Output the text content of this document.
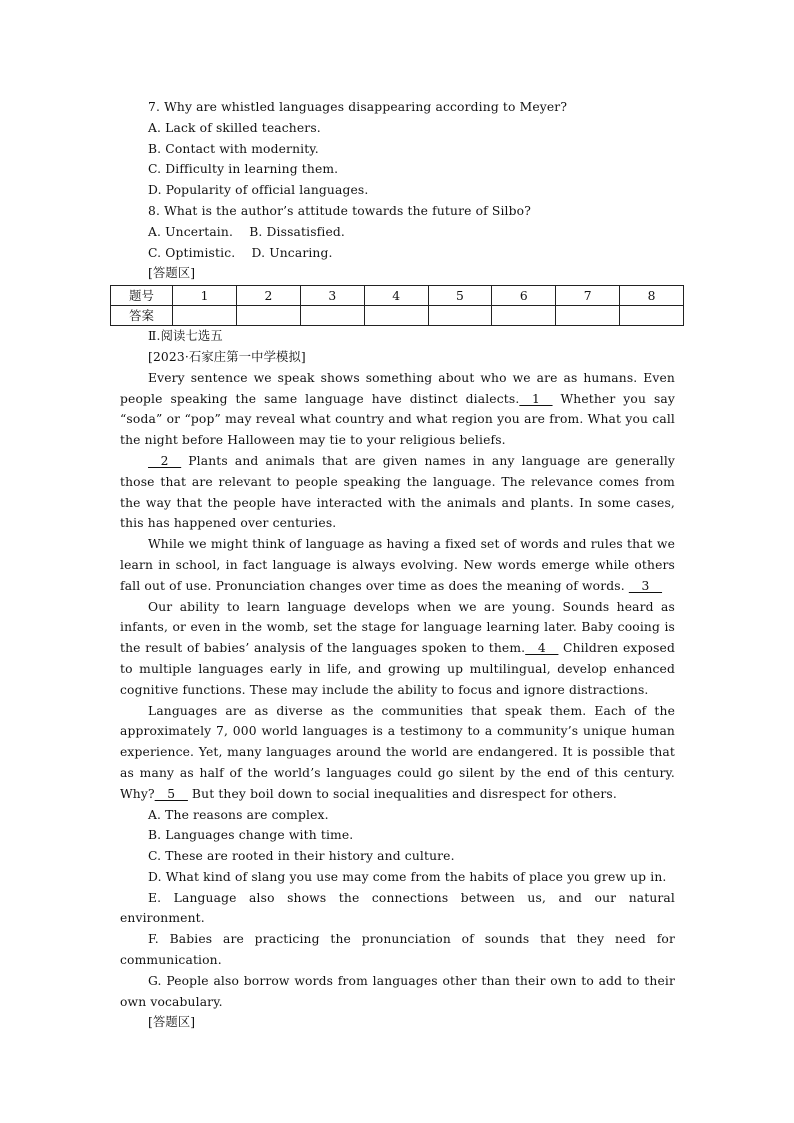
7. Why are whistled languages disappearing according to Meyer?
A. Lack of skilled teachers.
B. Contact with modernity.
C. Difficulty in learning them.
D. Popularity of official languages.
8. What is the author’s attitude towards the future of Silbo?
A. Uncertain.    B. Dissatisfied.
C. Optimistic.    D. Uncaring.
[答题区]
题号	1	2	3	4	5	6	7	8
答案								
Ⅱ.阅读七选五
[2023·石家庄第一中学模拟]
Every sentence we speak shows something about who we are as humans. Even people speaking the same language have distinct dialects.__1__ Whether you say “soda” or “pop” may reveal what country and what region you are from. What you call the night before Halloween may tie to your religious beliefs.
__2__ Plants and animals that are given names in any language are generally those that are relevant to people speaking the language. The relevance comes from the way that the people have interacted with the animals and plants. In some cases, this has happened over centuries.
While we might think of language as having a fixed set of words and rules that we learn in school, in fact language is always evolving. New words emerge while others fall out of use. Pronunciation changes over time as does the meaning of words. __3__
Our ability to learn language develops when we are young. Sounds heard as infants, or even in the womb, set the stage for language learning later. Baby cooing is the result of babies’ analysis of the languages spoken to them.__4__ Children exposed to multiple languages early in life, and growing up multilingual, develop enhanced cognitive functions. These may include the ability to focus and ignore distractions.
Languages are as diverse as the communities that speak them. Each of the approximately 7, 000 world languages is a testimony to a community’s unique human experience. Yet, many languages around the world are endangered. It is possible that as many as half of the world’s languages could go silent by the end of this century. Why?__5__ But they boil down to social inequalities and disrespect for others.
A. The reasons are complex.
B. Languages change with time.
C. These are rooted in their history and culture.
D. What kind of slang you use may come from the habits of place you grew up in.
E. Language also shows the connections between us, and our natural environment.
F. Babies are practicing the pronunciation of sounds that they need for communication.
G. People also borrow words from languages other than their own to add to their own vocabulary.
[答题区]
